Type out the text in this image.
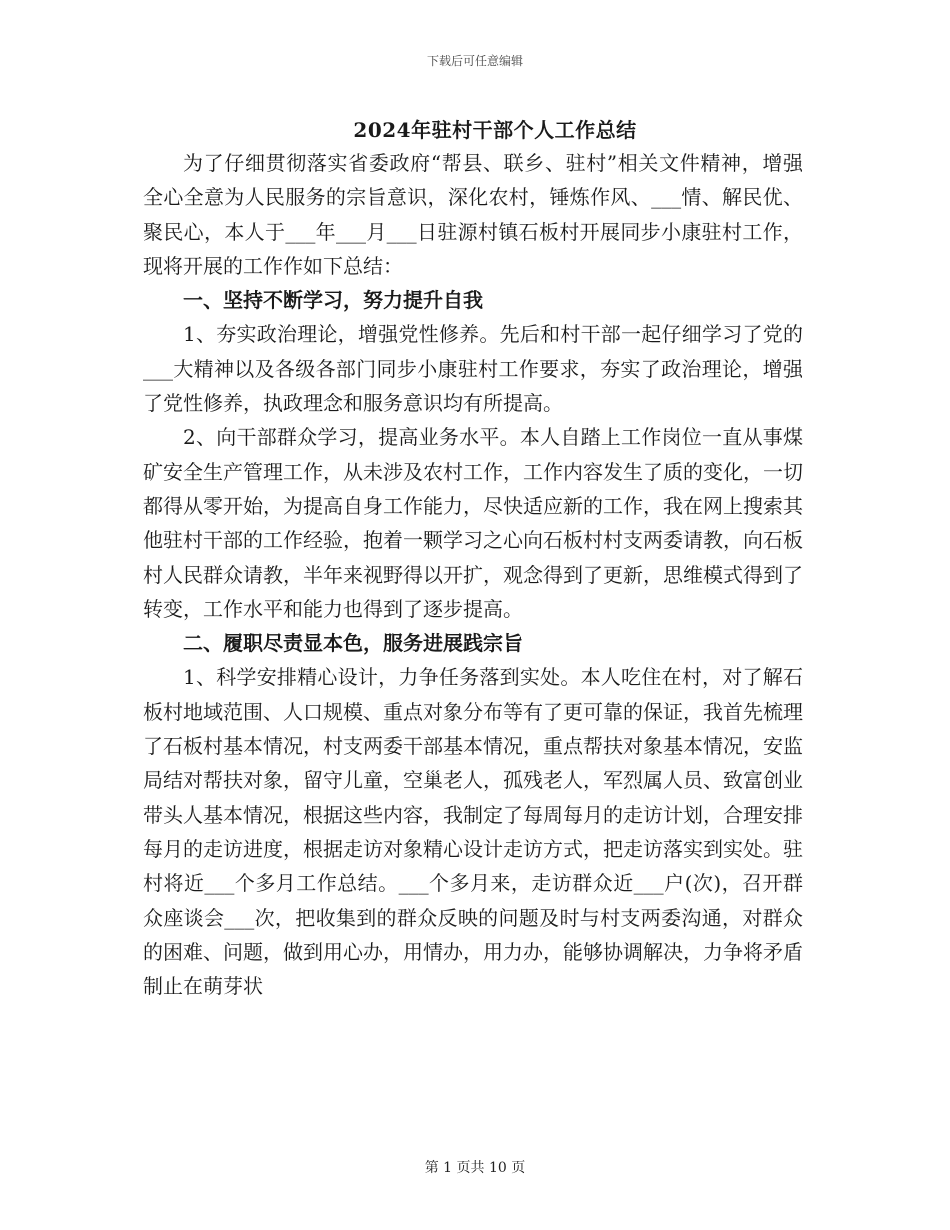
下载后可任意编辑
2024年驻村干部个人工作总结

为了仔细贯彻落实省委政府“帮县、联乡、驻村”相关文件精神，增强全心全意为人民服务的宗旨意识，深化农村，锤炼作风、___情、解民优、聚民心，本人于___年___月___日驻源村镇石板村开展同步小康驻村工作，现将开展的工作作如下总结：

一、坚持不断学习，努力提升自我

1、夯实政治理论，增强党性修养。先后和村干部一起仔细学习了党的___大精神以及各级各部门同步小康驻村工作要求，夯实了政治理论，增强了党性修养，执政理念和服务意识均有所提高。

2、向干部群众学习，提高业务水平。本人自踏上工作岗位一直从事煤矿安全生产管理工作，从未涉及农村工作，工作内容发生了质的变化，一切都得从零开始，为提高自身工作能力，尽快适应新的工作，我在网上搜索其他驻村干部的工作经验，抱着一颗学习之心向石板村村支两委请教，向石板村人民群众请教，半年来视野得以开扩，观念得到了更新，思维模式得到了转变，工作水平和能力也得到了逐步提高。

二、履职尽责显本色，服务进展践宗旨

1、科学安排精心设计，力争任务落到实处。本人吃住在村，对了解石板村地域范围、人口规模、重点对象分布等有了更可靠的保证，我首先梳理了石板村基本情况，村支两委干部基本情况，重点帮扶对象基本情况，安监局结对帮扶对象，留守儿童，空巢老人，孤残老人，军烈属人员、致富创业带头人基本情况，根据这些内容，我制定了每周每月的走访计划，合理安排每月的走访进度，根据走访对象精心设计走访方式，把走访落实到实处。驻村将近___个多月工作总结。___个多月来，走访群众近___户(次)，召开群众座谈会___次，把收集到的群众反映的问题及时与村支两委沟通，对群众的困难、问题，做到用心办，用情办，用力办，能够协调解决，力争将矛盾制止在萌芽状

第 1 页共 10 页
